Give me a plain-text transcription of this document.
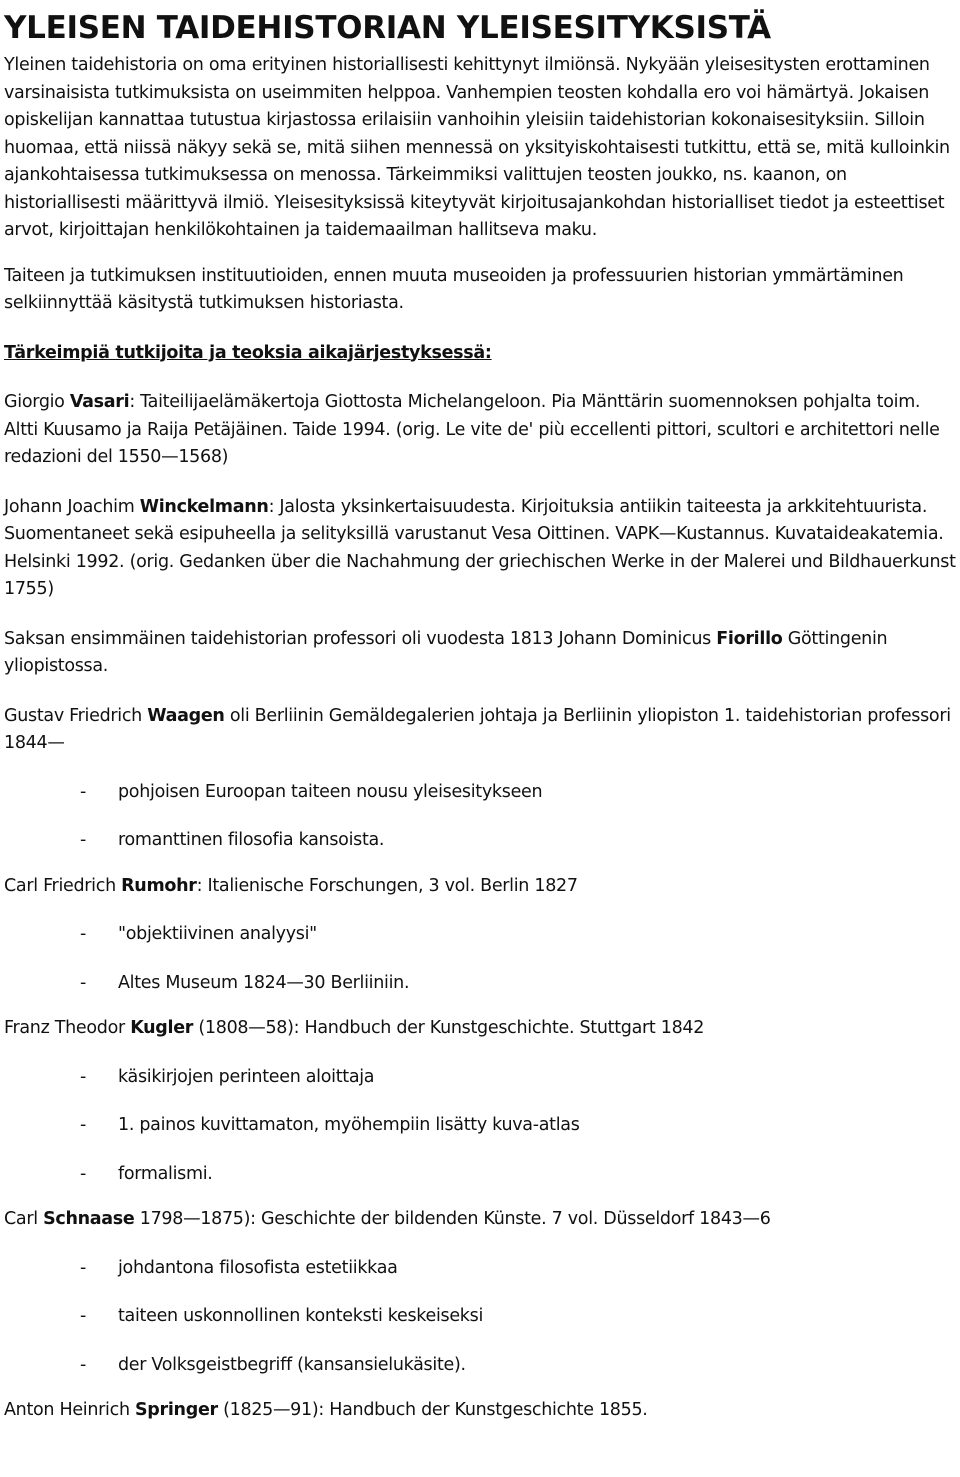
YLEISEN TAIDEHISTORIAN YLEISESITYKSISTÄ

Yleinen taidehistoria on oma erityinen historiallisesti kehittynyt ilmiönsä. Nykyään yleisesitysten erottaminen varsinaisista tutkimuksista on useimmiten helppoa. Vanhempien teosten kohdalla ero voi hämärtyä. Jokaisen opiskelijan kannattaa tutustua kirjastossa erilaisiin vanhoihin yleisiin taidehistorian kokonaisesityksiin. Silloin huomaa, että niissä näkyy sekä se, mitä siihen mennessä on yksityiskohtaisesti tutkittu, että se, mitä kulloinkin ajankohtaisessa tutkimuksessa on menossa. Tärkeimmiksi valittujen teosten joukko, ns. kaanon, on historiallisesti määrittyvä ilmiö. Yleisesityksissä kiteytyvät kirjoitusajankohdan historialliset tiedot ja esteettiset arvot, kirjoittajan henkilökohtainen ja taidemaailman hallitseva maku.

Taiteen ja tutkimuksen instituutioiden, ennen muuta museoiden ja professuurien historian ymmärtäminen selkiinnyttää käsitystä tutkimuksen historiasta.

Tärkeimpiä tutkijoita ja teoksia aikajärjestyksessä:

Giorgio Vasari: Taiteilijaelämäkertoja Giottosta Michelangeloon. Pia Mänttärin suomennoksen pohjalta toim. Altti Kuusamo ja Raija Petäjäinen. Taide 1994. (orig. Le vite de' più eccellenti pittori, scultori e architettori nelle redazioni del 1550—1568)

Johann Joachim Winckelmann: Jalosta yksinkertaisuudesta. Kirjoituksia antiikin taiteesta ja arkkitehtuurista. Suomentaneet sekä esipuheella ja selityksillä varustanut Vesa Oittinen. VAPK—Kustannus. Kuvataideakatemia. Helsinki 1992. (orig. Gedanken über die Nachahmung der griechischen Werke in der Malerei und Bildhauerkunst 1755)

Saksan ensimmäinen taidehistorian professori oli vuodesta 1813 Johann Dominicus Fiorillo Göttingenin yliopistossa.

Gustav Friedrich Waagen oli Berliinin Gemäldegalerien johtaja ja Berliinin yliopiston 1. taidehistorian professori 1844—

-	pohjoisen Euroopan taiteen nousu yleisesitykseen
-	romanttinen filosofia kansoista.

Carl Friedrich Rumohr: Italienische Forschungen, 3 vol. Berlin 1827

-	"objektiivinen analyysi"
-	Altes Museum 1824—30 Berliiniin.

Franz Theodor Kugler (1808—58): Handbuch der Kunstgeschichte. Stuttgart 1842

-	käsikirjojen perinteen aloittaja
-	1. painos kuvittamaton, myöhempiin lisätty kuva-atlas
-	formalismi.

Carl Schnaase 1798—1875): Geschichte der bildenden Künste. 7 vol. Düsseldorf 1843—6

-	johdantona filosofista estetiikkaa
-	taiteen uskonnollinen konteksti keskeiseksi
-	der Volksgeistbegriff (kansansielukäsite).

Anton Heinrich Springer (1825—91): Handbuch der Kunstgeschichte 1855.
